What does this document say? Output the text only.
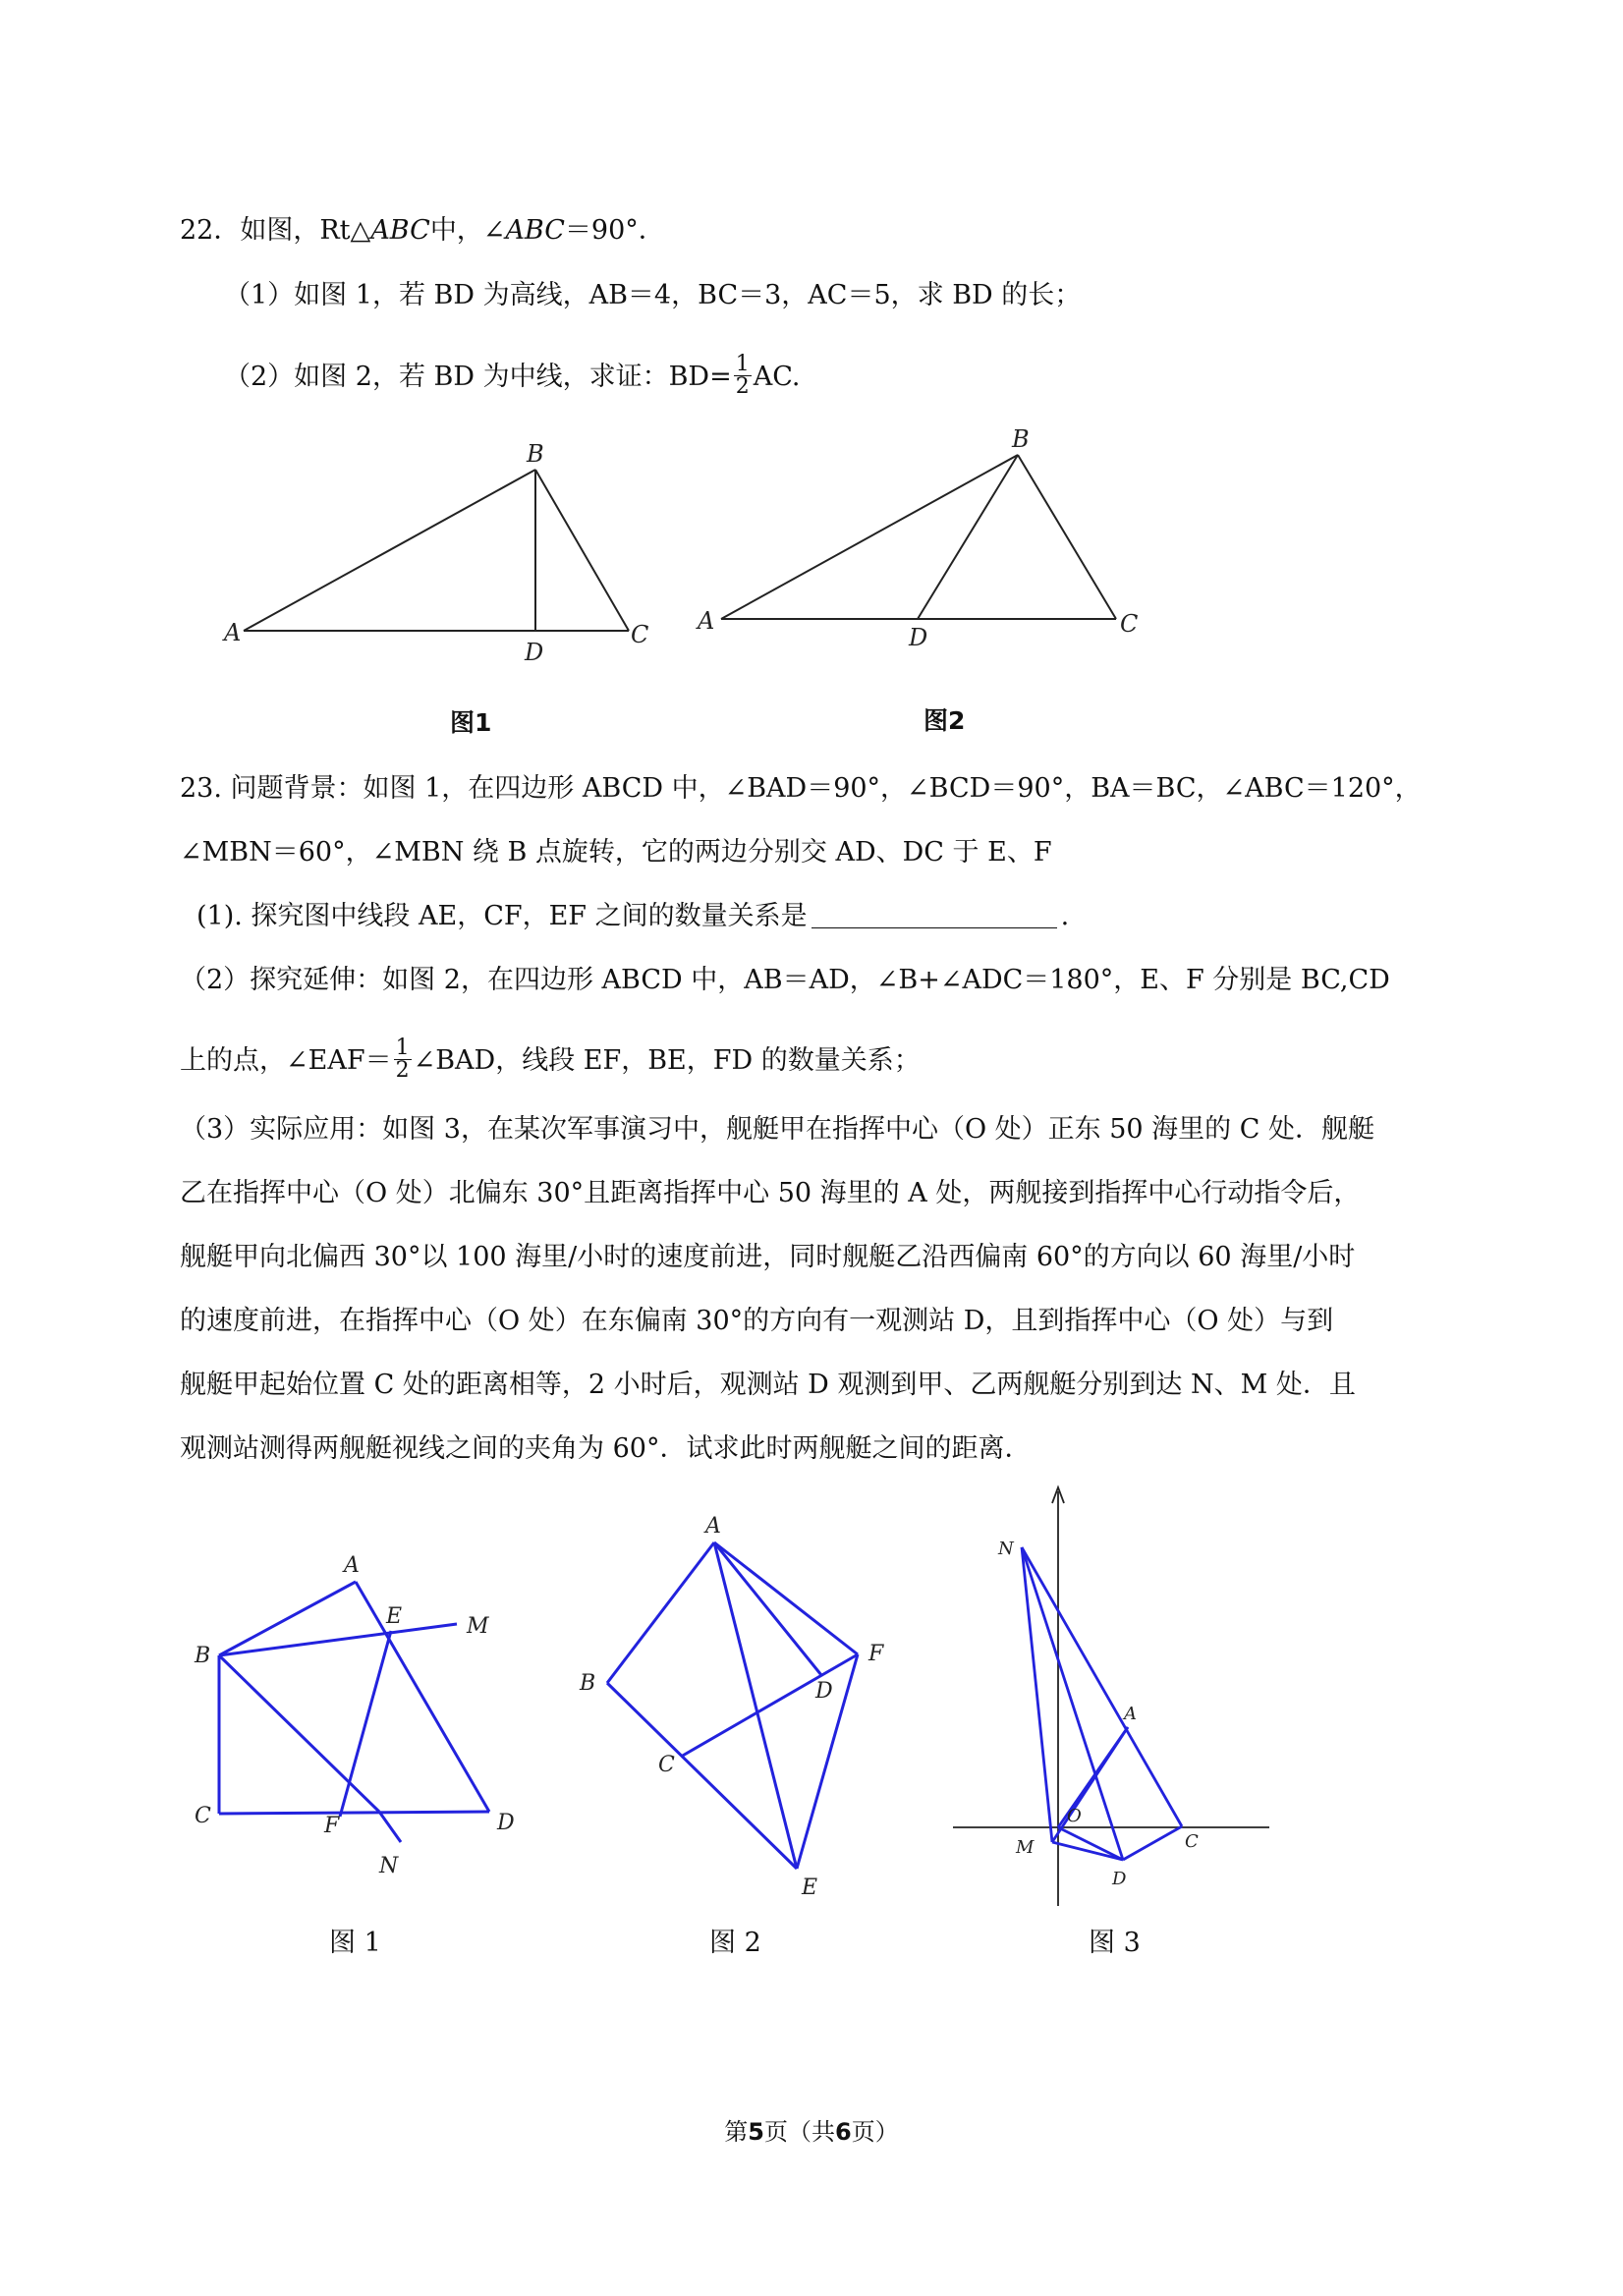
22．如图，Rt△ABC中，∠ABC＝90°．
（1）如图 1，若 BD 为高线，AB＝4，BC＝3，AC＝5，求 BD 的长；
（2）如图 2，若 BD 为中线，求证：$BD= \frac{1}{2}$ AC.
A
B
C
D
图1
A
B
C
D
图2
23. 问题背景：如图 1，在四边形 ABCD 中，∠BAD＝90°，∠BCD＝90°，BA＝BC，∠ABC＝120°，
∠MBN＝60°，∠MBN 绕 B 点旋转，它的两边分别交 AD、DC 于 E、F
(1). 探究图中线段 AE，CF，EF 之间的数量关系是	.
（2）探究延伸：如图 2，在四边形 ABCD 中，AB＝AD，∠B+∠ADC＝180°，E、F 分别是 BC,CD
上的点，∠EAF＝ $\frac{1}{2}$ ∠BAD，线段 EF，BE，FD 的数量关系；
（3）实际应用：如图 3，在某次军事演习中，舰艇甲在指挥中心（O 处）正东 50 海里的 C 处．舰艇
乙在指挥中心（O 处）北偏东 30°且距离指挥中心 50 海里的 A 处，两舰接到指挥中心行动指令后，
舰艇甲向北偏西 30°以 100 海里/小时的速度前进，同时舰艇乙沿西偏南 60°的方向以 60 海里/小时
的速度前进，在指挥中心（O 处）在东偏南 30°的方向有一观测站 D，且到指挥中心（O 处）与到
舰艇甲起始位置 C 处的距离相等，2 小时后，观测站 D 观测到甲、乙两舰艇分别到达 N、M 处．且
观测站测得两舰艇视线之间的夹角为 60°．试求此时两舰艇之间的距离．
A
B
C	D
E
F
M
N
图 1
A
B
C
D
E
F
图 2
N
A
O
C
M
D
图 3
第5页（共6页）
